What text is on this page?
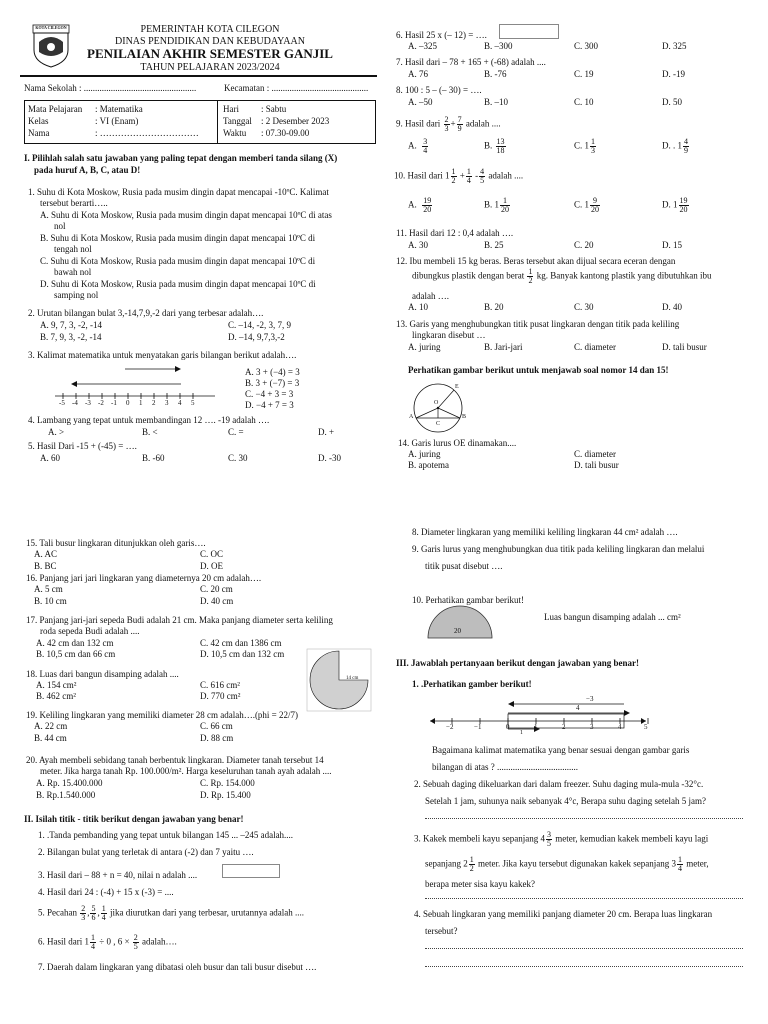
KOTA CILEGON	PEMERINTAH KOTA CILEGON
DINAS PENDIDIKAN DAN KEBUDAYAAN
PENILAIAN AKHIR SEMESTER GANJIL
TAHUN PELAJARAN 2023/2024
Nama Sekolah : ..................................................	Kecamatan : ...........................................
Mata Pelajaran : Matematika
Kelas	: VI (Enam)
Nama	: ……………………………
Hari : Sabtu
Tanggal : 2 Desember 2023
Waktu : 07.30-09.00
I. Pilihlah salah satu jawaban yang paling tepat dengan memberi tanda silang (X)
pada huruf A, B, C, atau D!
1. Suhu di Kota Moskow, Rusia pada musim dingin dapat mencapai -10ºC. Kalimat
tersebut berarti…..
A. Suhu di Kota Moskow, Rusia pada musim dingin dapat mencapai 10ºC di atas
nol
B. Suhu di Kota Moskow, Rusia pada musim dingin dapat mencapai 10ºC di
tengah nol
C. Suhu di Kota Moskow, Rusia pada musim dingin dapat mencapai 10ºC di
bawah nol
D. Suhu di Kota Moskow, Rusia pada musim dingin dapat mencapai 10ºC di
samping nol
2. Urutan bilangan bulat 3,-14,7,9,-2 dari yang terbesar adalah….
A. 9, 7, 3, -2, -14	C. –14, -2, 3, 7, 9
B. 7, 9, 3, -2, -14	D. –14, 9,7,3,-2
3. Kalimat matematika untuk menyatakan garis bilangan berikut adalah….
-5 -4 -3 -2 -1 0 1 2 3 4 5
A. 3 + (−4) = 3
B. 3 + (−7) = 3
C. −4 + 3 = 3
D. −4 + 7 = 3
4. Lambang yang tepat untuk membandingan 12 …. -19 adalah ….
A. >	B. <	C. =	D. +
5. Hasil Dari -15 + (-45) = ….
A. 60	B. -60	C. 30	D. -30
6. Hasil 25 x (– 12) = ….
A. –325	B. –300	C. 300	D. 325
7. Hasil dari – 78 + 165 + (-68) adalah ....
A. 76	B. -76	C. 19	D. -19
8. 100 : 5 – (– 30) = ….
A. –50	B. –10	C. 10	D. 50
9. Hasil dari $\frac{2}{3} + \frac{7}{9}$ adalah ....
A. $\frac{3}{4}$	B. $\frac{13}{18}$	C. $1 \frac{1}{3}$	D. . $1 \frac{4}{9}$
10. Hasil dari $1 \frac{1}{2} + \frac{1}{4} - \frac{4}{5}$ adalah ....
A. $\frac{19}{20}$	B. $1 \frac{1}{20}$	C. $1 \frac{9}{20}$	D. $1 \frac{19}{20}$
11. Hasil dari 12 : 0,4 adalah ….
A. 30	B. 25	C. 20	D. 15
12. Ibu membeli 15 kg beras. Beras tersebut akan dijual secara eceran dengan
dibungkus plastik dengan berat $\frac{1}{2}$ kg. Banyak kantong plastik yang dibutuhkan ibu
adalah ….
A. 10	B. 20	C. 30	D. 40
13. Garis yang menghubungkan titik pusat lingkaran dengan titik pada keliling
lingkaran disebut …
A. juring	B. Jari-jari	C. diameter	D. tali busur
Perhatikan gambar berikut untuk menjawab soal nomor 14 dan 15!
A	B
C
O
E
14. Garis lurus OE dinamakan....
A. juring	C. diameter
B. apotema	D. tali busur
15. Tali busur lingkaran ditunjukkan oleh garis….
A. AC	C. OC
B. BC	D. OE
16. Panjang jari jari lingkaran yang diameternya 20 cm adalah….
A. 5 cm	C. 20 cm
B. 10 cm	D. 40 cm
17. Panjang jari-jari sepeda Budi adalah 21 cm. Maka panjang diameter serta keliling
roda sepeda Budi adalah ....
A. 42 cm dan 132 cm	C. 42 cm dan 1386 cm
B. 10,5 cm dan 66 cm	D. 10,5 cm dan 132 cm
18. Luas dari bangun disamping adalah ....
A. 154 cm²	C. 616 cm²
B. 462 cm²	D. 770 cm²
14 cm
19. Keliling lingkaran yang memiliki diameter 28 cm adalah….(phi = 22/7)
A. 22 cm	C. 66 cm
B. 44 cm	D. 88 cm
20. Ayah membeli sebidang tanah berbentuk lingkaran. Diameter tanah tersebut 14
meter. Jika harga tanah Rp. 100.000/m². Harga keseluruhan tanah ayah adalah ....
A. Rp. 15.400.000	C. Rp. 154.000
B. Rp.1.540.000	D. Rp. 15.400
II. Isilah titik - titik berikut dengan jawaban yang benar!
1. .Tanda pembanding yang tepat untuk bilangan 145 ... –245 adalah....
2. Bilangan bulat yang terletak di antara (-2) dan 7 yaitu ….
3. Hasil dari – 88 + n = 40, nilai n adalah ....
4. Hasil dari 24 : (-4) + 15 x (-3) = ....
5. Pecahan $\frac{2}{3}$ , $\frac{5}{6}$ , $\frac{1}{4}$ jika diurutkan dari yang terbesar, urutannya adalah ....
6. Hasil dari $1 \frac{1}{4} \div 0$ , $6 \times \frac{2}{5}$ adalah….
7. Daerah dalam lingkaran yang dibatasi oleh busur dan tali busur disebut ….
8. Diameter lingkaran yang memiliki keliling lingkaran 44 cm² adalah ….
9. Garis lurus yang menghubungkan dua titik pada keliling lingkaran dan melalui
titik pusat disebut ….
10. Perhatikan gambar berikut!
Luas bangun disamping adalah ... cm²
20
III. Jawablah pertanyaan berikut dengan jawaban yang benar!
1. .Perhatikan gamber berikut!
−3
4
1
−2	−1	0	1	2	3	4	5
Bagaimana kalimat matematika yang benar sesuai dengan gambar garis
bilangan di atas ? ....................................
2. Sebuah daging dikeluarkan dari dalam freezer. Suhu daging mula-mula -32°c.
Setelah 1 jam, suhunya naik sebanyak 4°c, Berapa suhu daging setelah 5 jam?
3. Kakek membeli kayu sepanjang $4 \frac{3}{5}$ meter, kemudian kakek membeli kayu lagi
sepanjang $2 \frac{1}{2}$ meter. Jika kayu tersebut digunakan kakek sepanjang $3 \frac{1}{4}$ meter,
berapa meter sisa kayu kakek?
4. Sebuah lingkaran yang memiliki panjang diameter 20 cm. Berapa luas lingkaran
tersebut?
